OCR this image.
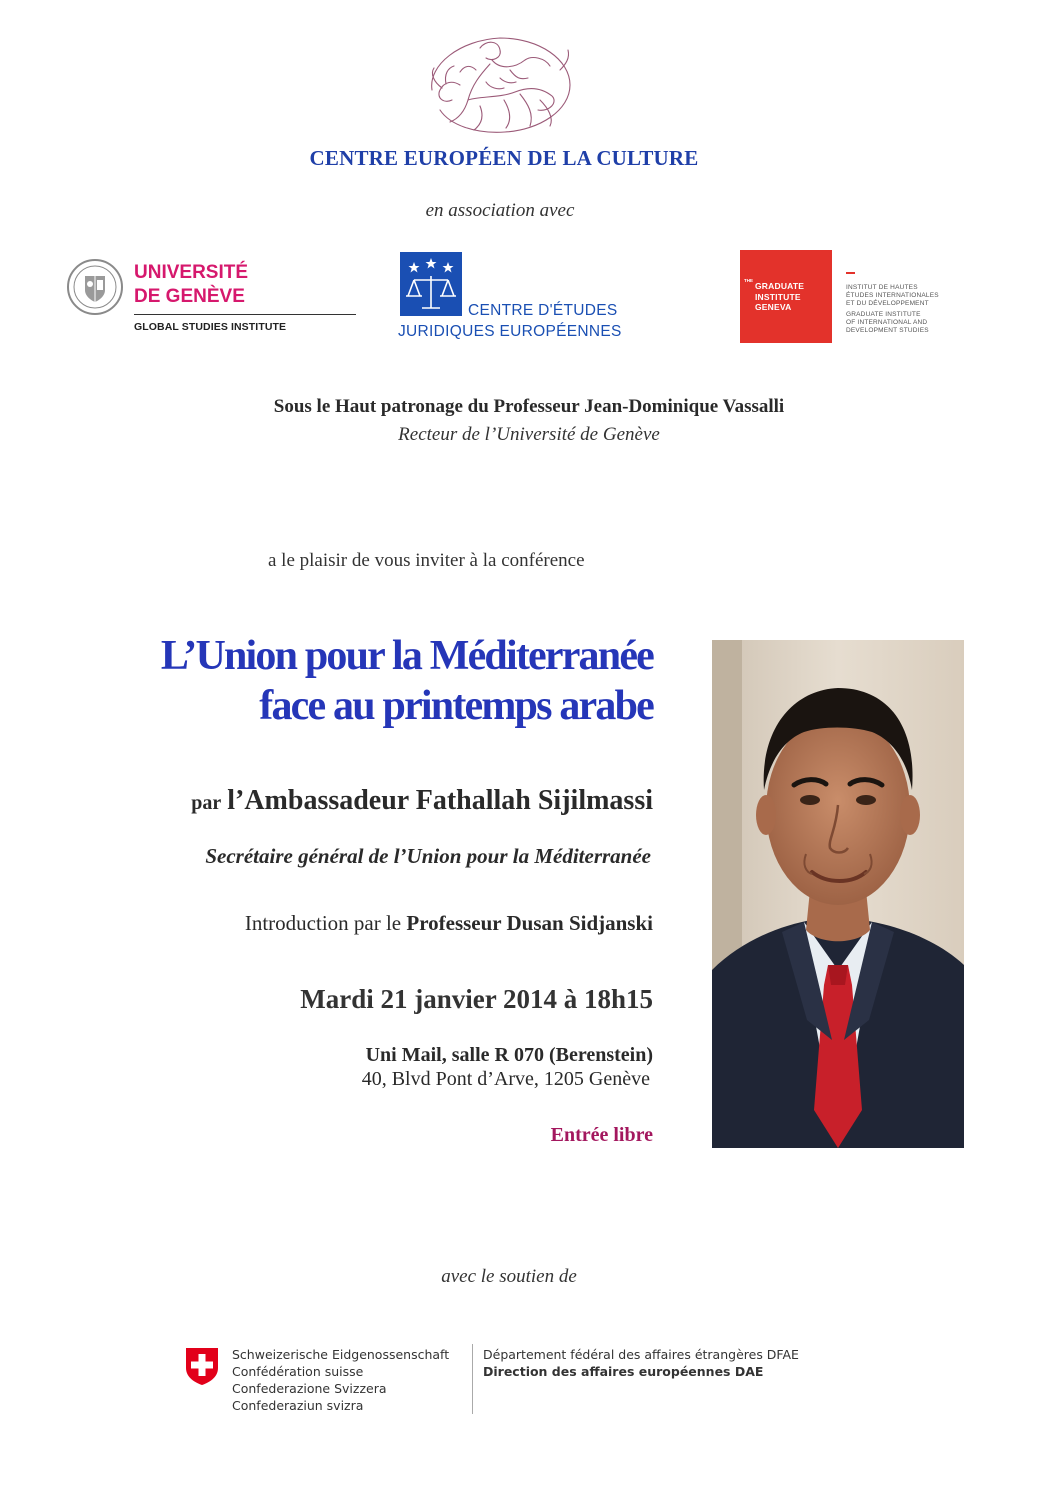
CENTRE EUROPÉEN DE LA CULTURE
en association avec
UNIVERSITÉ
DE GENÈVE
GLOBAL STUDIES INSTITUTE
CENTRE D'ÉTUDES
JURIDIQUES EUROPÉENNES
THE
GRADUATE
INSTITUTE
GENEVA
INSTITUT DE HAUTES
ÉTUDES INTERNATIONALES
ET DU DÉVELOPPEMENT
GRADUATE INSTITUTE
OF INTERNATIONAL AND
DEVELOPMENT STUDIES
Sous le Haut patronage du Professeur Jean-Dominique Vassalli
Recteur de l’Université de Genève
a le plaisir de vous inviter à la conférence
L’Union pour la Méditerranée
face au printemps arabe
par l’Ambassadeur Fathallah Sijilmassi
Secrétaire général de l’Union pour la Méditerranée
Introduction par le Professeur Dusan Sidjanski
Mardi 21 janvier 2014 à 18h15
Uni Mail, salle R 070 (Berenstein)
40, Blvd Pont d’Arve, 1205 Genève
Entrée libre
avec le soutien de
Schweizerische Eidgenossenschaft
Confédération suisse
Confederazione Svizzera
Confederaziun svizra
Département fédéral des affaires étrangères DFAE
Direction des affaires européennes DAE
